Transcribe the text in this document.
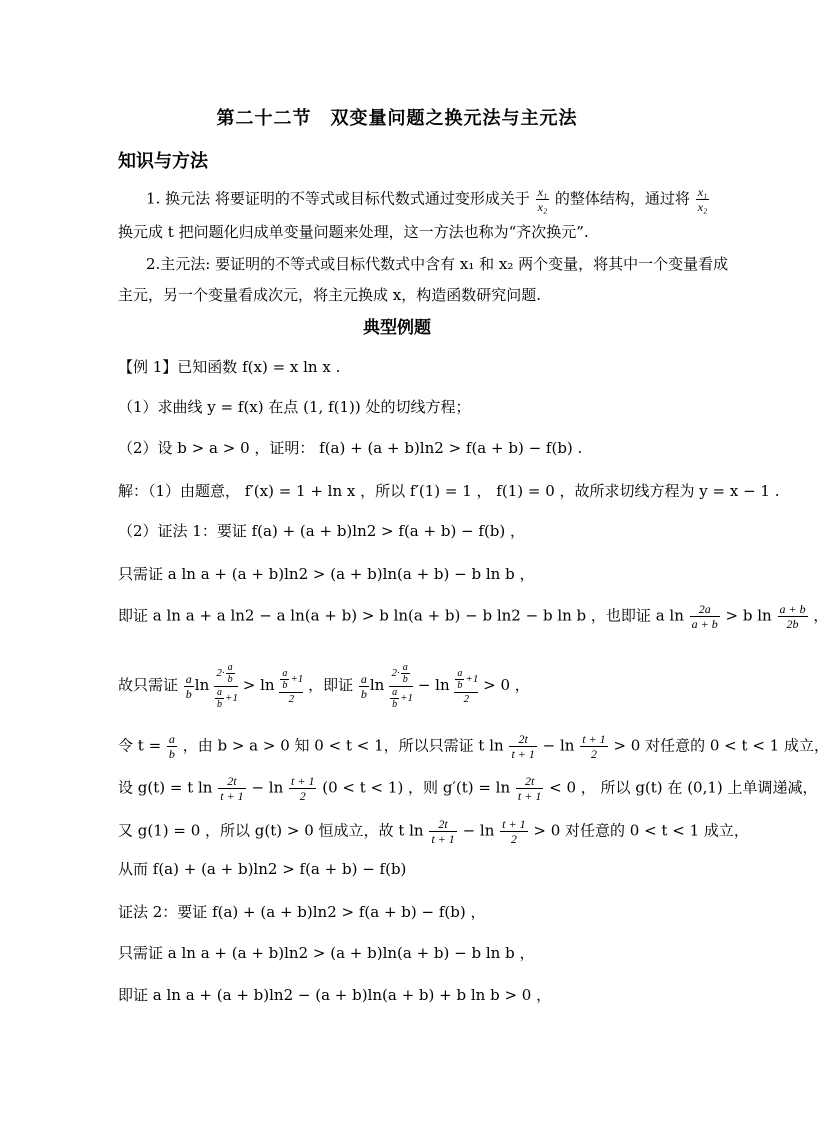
第二十二节　双变量问题之换元法与主元法
知识与方法
1. 换元法 将要证明的不等式或目标代数式通过变形成关于 $\frac{\text{x₁}}{\text{x₂}}$ 的整体结构，通过将 $\frac{\text{x₁}}{\text{x₂}}$
换元成 t 把问题化归成单变量问题来处理，这一方法也称为“齐次换元”.
2.主元法: 要证明的不等式或目标代数式中含有 x₁ 和 x₂ 两个变量，将其中一个变量看成
主元，另一个变量看成次元，将主元换成 x，构造函数研究问题.
典型例题
【例 1】已知函数 f(x) = x ln x .
（1）求曲线 y = f(x) 在点 (1, f(1)) 处的切线方程；
（2）设 b > a > 0 ，证明： f(a) + (a + b)ln2 > f(a + b) − f(b) .
解：（1）由题意， f′(x) = 1 + ln x ，所以 f′(1) = 1 ， f(1) = 0 ，故所求切线方程为 y = x − 1 .
（2）证法 1：要证 f(a) + (a + b)ln2 > f(a + b) − f(b) ，
只需证 a ln a + (a + b)ln2 > (a + b)ln(a + b) − b ln b ，
即证 a ln a + a ln2 − a ln(a + b) > b ln(a + b) − b ln2 − b ln b ，也即证 a $\ln \frac{2a}{a + b} > b$ $\ln \frac{a + b}{2b}$ ，
故只需证 $\frac{a}{b}$ $\ln \frac{2\cdot \frac{a}{b}}{\frac{a}{b} +1} > \ln \frac{\frac{a}{b} +1}{2}$ ，即证 $\frac{a}{b}$ $\ln \frac{2\cdot \frac{a}{b}}{\frac{a}{b} +1} - \ln \frac{\frac{a}{b} +1}{2} > 0$ ，
令 $t = \frac{a}{b}$ ，由 b > a > 0 知 0 < t < 1，所以只需证 t $\ln \frac{2t}{t + 1} - \ln \frac{t + 1}{2} > 0$ 对任意的 0 < t < 1 成立，
设 g(t) = t $\ln \frac{2t}{t + 1} - \ln \frac{t + 1}{2} (0 < t < 1)$ ，则 $g'(t) = \ln \frac{2t}{t + 1} < 0$ ， 所以 g(t) 在 (0,1) 上单调递减，
又 g(1) = 0 ，所以 g(t) > 0 恒成立，故 t $\ln \frac{2t}{t + 1} - \ln \frac{t + 1}{2} > 0$ 对任意的 0 < t < 1 成立，
从而 f(a) + (a + b)ln2 > f(a + b) − f(b)
证法 2：要证 f(a) + (a + b)ln2 > f(a + b) − f(b) ，
只需证 a ln a + (a + b)ln2 > (a + b)ln(a + b) − b ln b ，
即证 a ln a + (a + b)ln2 − (a + b)ln(a + b) + b ln b > 0 ，
